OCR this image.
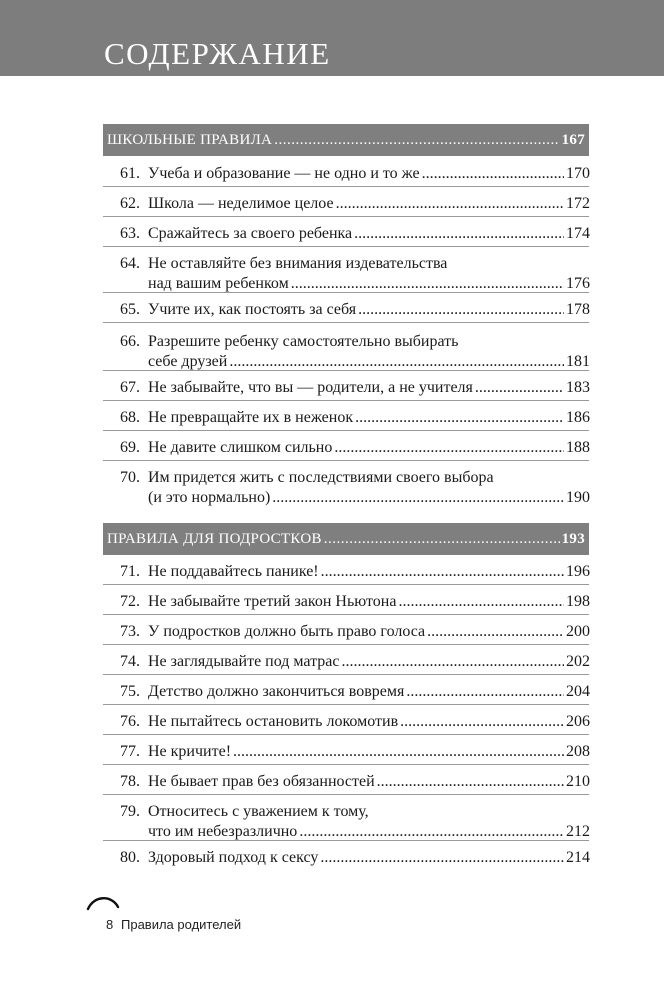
СОДЕРЖАНИЕ
ШКОЛЬНЫЕ ПРАВИЛА .....	167
61. Учеба и образование — не одно и то же .....	170
62. Школа — неделимое целое .....	172
63. Сражайтесь за своего ребенка .....	174
64. Не оставляйте без внимания издевательства
над вашим ребенком .....	176
65. Учите их, как постоять за себя .....	178
66. Разрешите ребенку самостоятельно выбирать
себе друзей .....	181
67. Не забывайте, что вы — родители, а не учителя .....	183
68. Не превращайте их в неженок .....	186
69. Не давите слишком сильно .....	188
70. Им придется жить с последствиями своего выбора
(и это нормально) .....	190
ПРАВИЛА ДЛЯ ПОДРОСТКОВ .....	193
71. Не поддавайтесь панике! .....	196
72. Не забывайте третий закон Ньютона .....	198
73. У подростков должно быть право голоса .....	200
74. Не заглядывайте под матрас .....	202
75. Детство должно закончиться вовремя .....	204
76. Не пытайтесь остановить локомотив .....	206
77. Не кричите! .....	208
78. Не бывает прав без обязанностей .....	210
79. Относитесь с уважением к тому,
что им небезразлично .....	212
80. Здоровый подход к сексу .....	214
8 Правила родителей
